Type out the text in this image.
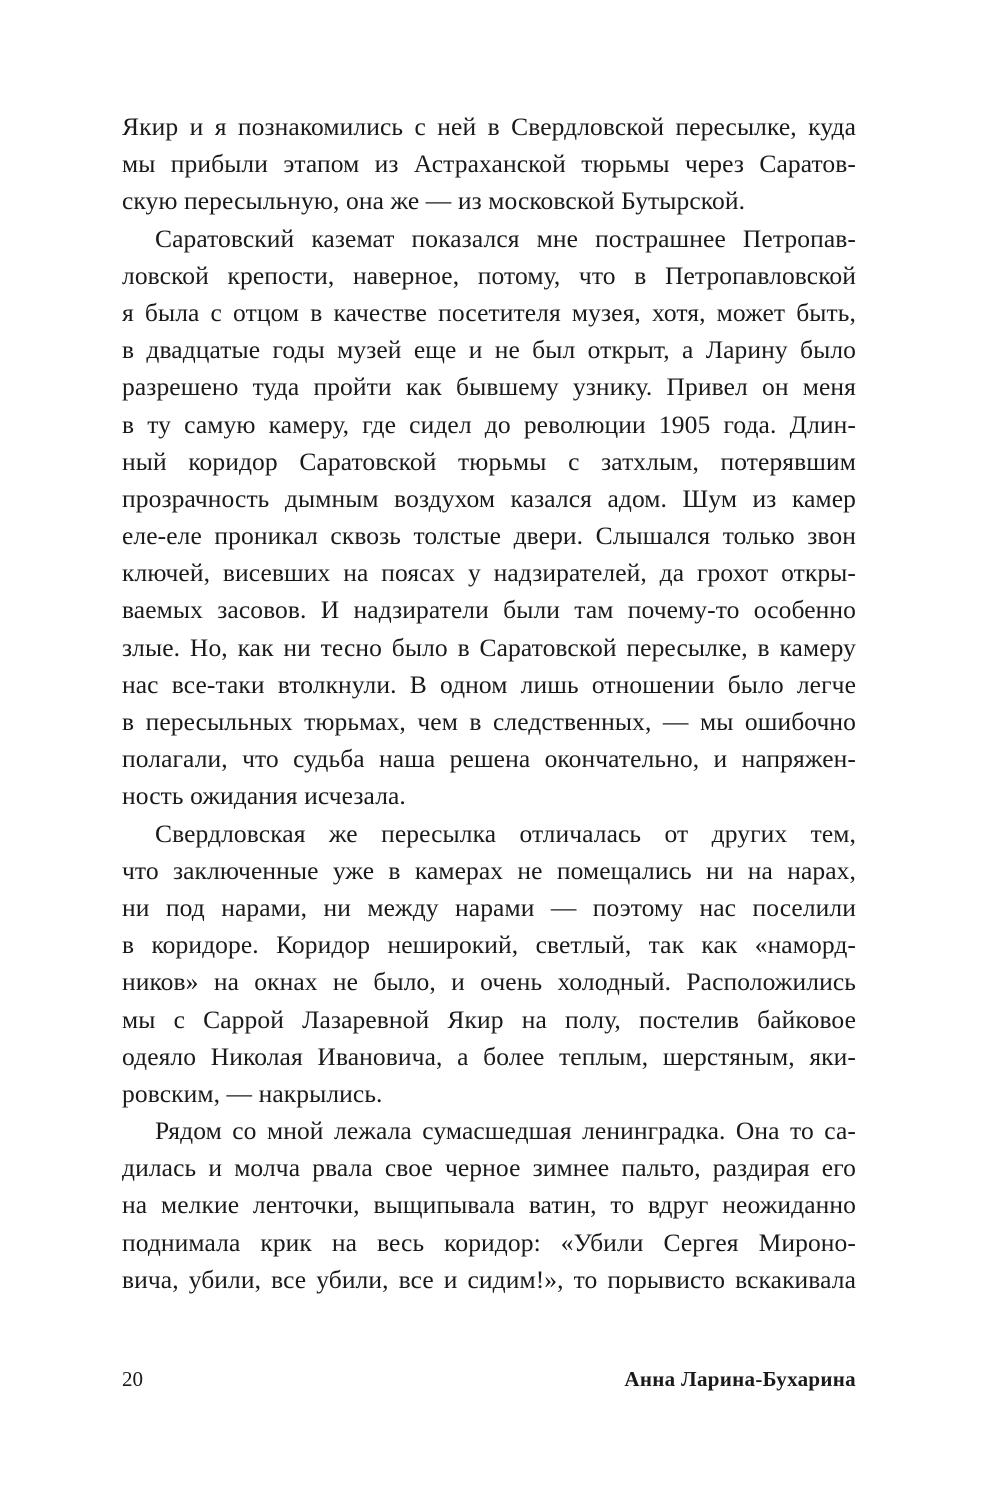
Якир и я познакомились с ней в Свердловской пересылке, куда
мы прибыли этапом из Астраханской тюрьмы через Саратов-
скую пересыльную, она же — из московской Бутырской.
Саратовский каземат показался мне пострашнее Петропав-
ловской крепости, наверное, потому, что в Петропавловской
я была с отцом в качестве посетителя музея, хотя, может быть,
в двадцатые годы музей еще и не был открыт, а Ларину было
разрешено туда пройти как бывшему узнику. Привел он меня
в ту самую камеру, где сидел до революции 1905 года. Длин-
ный коридор Саратовской тюрьмы с затхлым, потерявшим
прозрачность дымным воздухом казался адом. Шум из камер
еле-еле проникал сквозь толстые двери. Слышался только звон
ключей, висевших на поясах у надзирателей, да грохот откры-
ваемых засовов. И надзиратели были там почему-то особенно
злые. Но, как ни тесно было в Саратовской пересылке, в камеру
нас все-таки втолкнули. В одном лишь отношении было легче
в пересыльных тюрьмах, чем в следственных, — мы ошибочно
полагали, что судьба наша решена окончательно, и напряжен-
ность ожидания исчезала.
Свердловская же пересылка отличалась от других тем,
что заключенные уже в камерах не помещались ни на нарах,
ни под нарами, ни между нарами — поэтому нас поселили
в коридоре. Коридор неширокий, светлый, так как «наморд-
ников» на окнах не было, и очень холодный. Расположились
мы с Саррой Лазаревной Якир на полу, постелив байковое
одеяло Николая Ивановича, а более теплым, шерстяным, яки-
ровским, — накрылись.
Рядом со мной лежала сумасшедшая ленинградка. Она то са-
дилась и молча рвала свое черное зимнее пальто, раздирая его
на мелкие ленточки, выщипывала ватин, то вдруг неожиданно
поднимала крик на весь коридор: «Убили Сергея Мироно-
вича, убили, все убили, все и сидим!», то порывисто вскакивала
20	Анна Ларина-Бухарина
